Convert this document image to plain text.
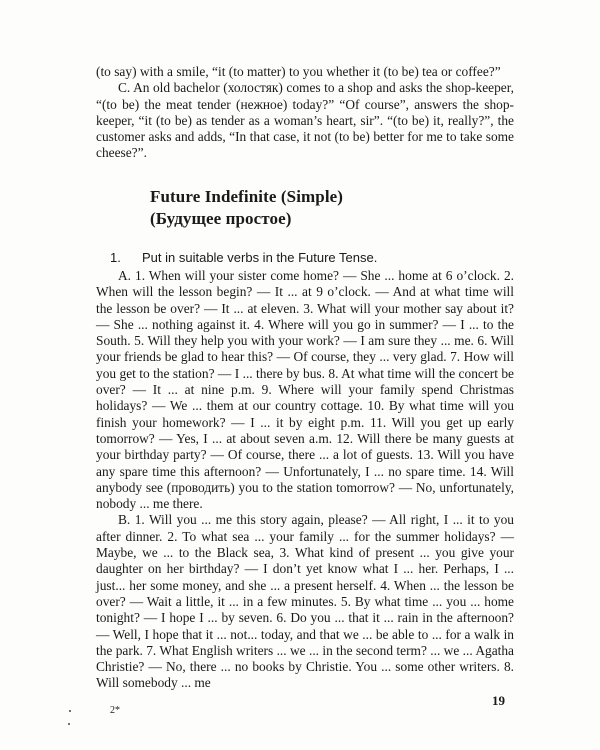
(to say) with a smile, “it (to matter) to you whether it (to be) tea or coffee?”

C. An old bachelor (холостяк) comes to a shop and asks the shop-keeper, “(to be) the meat tender (нежное) today?” “Of course”, answers the shop-keeper, “it (to be) as tender as a woman’s heart, sir”. “(to be) it, really?”, the customer asks and adds, “In that case, it not (to be) better for me to take some cheese?”.

Future Indefinite (Simple)
(Будущее простое)
1. Put in suitable verbs in the Future Tense.

A. 1. When will your sister come home? — She ... home at 6 o’clock. 2. When will the lesson begin? — It ... at 9 o’clock. — And at what time will the lesson be over? — It ... at eleven. 3. What will your mother say about it? — She ... nothing against it. 4. Where will you go in summer? — I ... to the South. 5. Will they help you with your work? — I am sure they ... me. 6. Will your friends be glad to hear this? — Of course, they ... very glad. 7. How will you get to the station? — I ... there by bus. 8. At what time will the concert be over? — It ... at nine p.m. 9. Where will your family spend Christmas holidays? — We ... them at our country cottage. 10. By what time will you finish your homework? — I ... it by eight p.m. 11. Will you get up early tomorrow? — Yes, I ... at about seven a.m. 12. Will there be many guests at your birthday party? — Of course, there ... a lot of guests. 13. Will you have any spare time this afternoon? — Unfortunately, I ... no spare time. 14. Will anybody see (проводить) you to the station tomorrow? — No, unfortunately, nobody ... me there.

B. 1. Will you ... me this story again, please? — All right, I ... it to you after dinner. 2. To what sea ... your family ... for the summer holidays? — Maybe, we ... to the Black sea, 3. What kind of present ... you give your daughter on her birthday? — I don’t yet know what I ... her. Perhaps, I ... just... her some money, and she ... a present herself. 4. When ... the lesson be over? — Wait a little, it ... in a few minutes. 5. By what time ... you ... home tonight? — I hope I ... by seven. 6. Do you ... that it ... rain in the afternoon? — Well, I hope that it ... not... today, and that we ... be able to ... for a walk in the park. 7. What English writers ... we ... in the second term? ... we ... Agatha Christie? — No, there ... no books by Christie. You ... some other writers. 8. Will somebody ... me

19
2*
